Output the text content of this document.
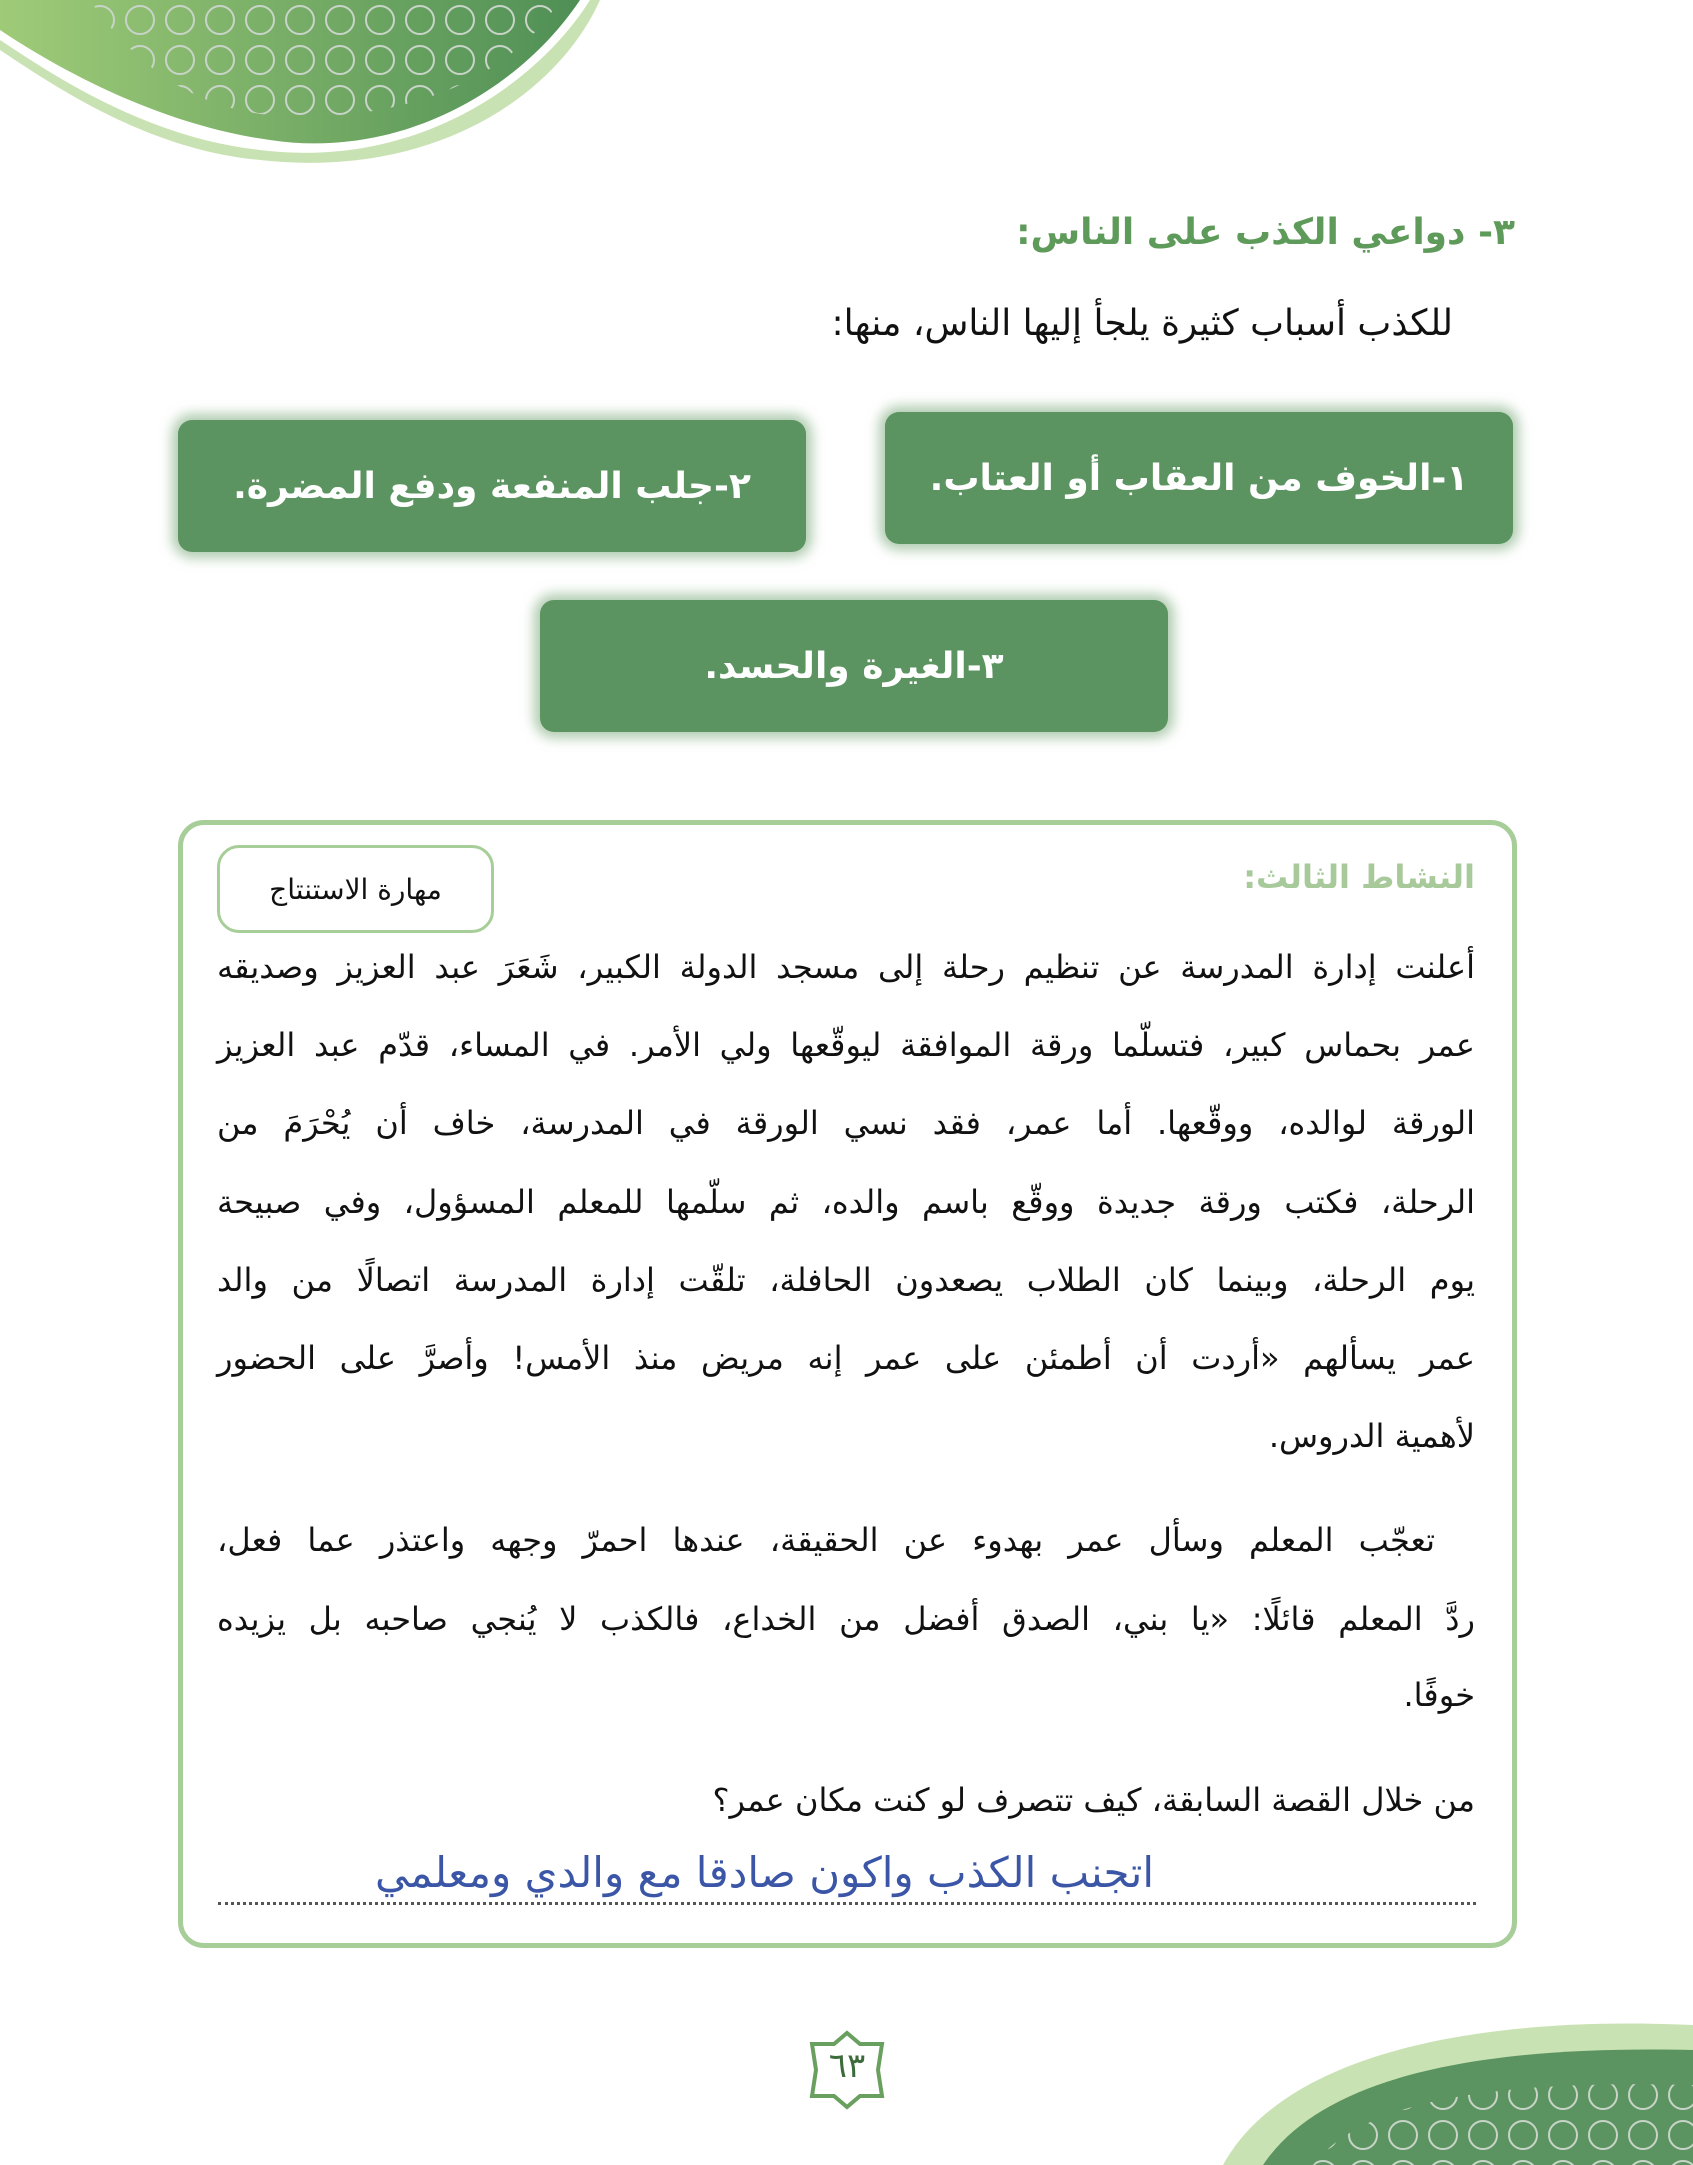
٣- دواعي الكذب على الناس:
للكذب أسباب كثيرة يلجأ إليها الناس، منها:
١-الخوف من العقاب أو العتاب.
٢-جلب المنفعة ودفع المضرة.
٣-الغيرة والحسد.
النشاط الثالث:
مهارة الاستنتاج
أعلنت إدارة المدرسة عن تنظيم رحلة إلى مسجد الدولة الكبير، شَعَرَ عبد العزيز وصديقه
عمر بحماس كبير، فتسلّما ورقة الموافقة ليوقّعها ولي الأمر. في المساء، قدّم عبد العزيز
الورقة لوالده، ووقّعها. أما عمر، فقد نسي الورقة في المدرسة، خاف أن يُحْرَمَ من
الرحلة، فكتب ورقة جديدة ووقّع باسم والده، ثم سلّمها للمعلم المسؤول، وفي صبيحة
يوم الرحلة، وبينما كان الطلاب يصعدون الحافلة، تلقّت إدارة المدرسة اتصالًا من والد
عمر يسألهم «أردت أن أطمئن على عمر إنه مريض منذ الأمس! وأصرَّ على الحضور
لأهمية الدروس.
تعجّب المعلم وسأل عمر بهدوء عن الحقيقة، عندها احمرّ وجهه واعتذر عما فعل،
ردَّ المعلم قائلًا: «يا بني، الصدق أفضل من الخداع، فالكذب لا يُنجي صاحبه بل يزيده
خوفًا.
من خلال القصة السابقة، كيف تتصرف لو كنت مكان عمر؟
اتجنب الكذب واكون صادقا مع والدي ومعلمي
٦٣
